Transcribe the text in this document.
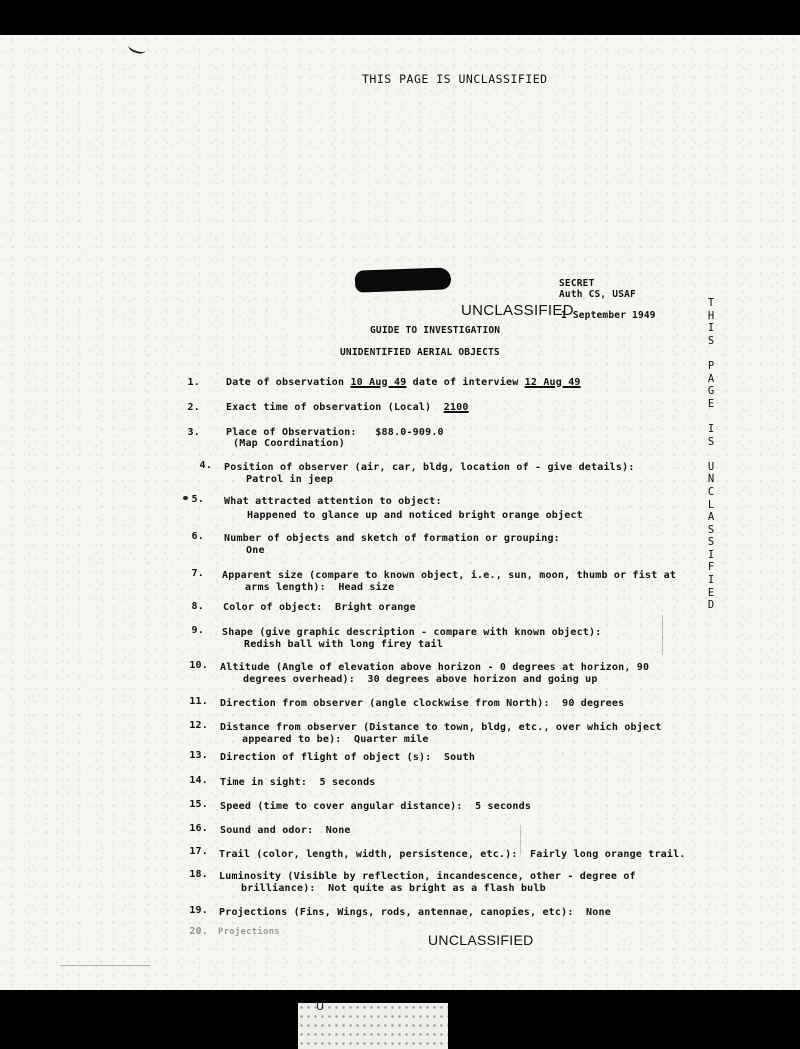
THIS PAGE IS UNCLASSIFIED
SECRET
Auth CS, USAF
UNCLASSIFIED
1 September 1949
GUIDE TO INVESTIGATION
UNIDENTIFIED AERIAL OBJECTS
T
H
I
S
P
A
G
E
I
S
U
N
C
L
A
S
S
I
F
I
E
D
1.	Date of observation 10 Aug 49 date of interview 12 Aug 49
2.	Exact time of observation (Local) 2100
3.	Place of Observation: $88.0-909.0
(Map Coordination)
4. Position of observer (air, car, bldg, location of - give details):
Patrol in jeep
5. What attracted attention to object:
Happened to glance up and noticed bright orange object
6. Number of objects and sketch of formation or grouping:
One
7. Apparent size (compare to known object, i.e., sun, moon, thumb or fist at
arms length): Head size
8. Color of object: Bright orange
9. Shape (give graphic description - compare with known object):
Redish ball with long firey tail
10. Altitude (Angle of elevation above horizon - 0 degrees at horizon, 90
degrees overhead): 30 degrees above horizon and going up
11. Direction from observer (angle clockwise from North): 90 degrees
12. Distance from observer (Distance to town, bldg, etc., over which object
appeared to be): Quarter mile
13. Direction of flight of object (s): South
14. Time in sight: 5 seconds
15. Speed (time to cover angular distance): 5 seconds
16. Sound and odor: None
17. Trail (color, length, width, persistence, etc.): Fairly long orange trail.
18. Luminosity (Visible by reflection, incandescence, other - degree of
brilliance): Not quite as bright as a flash bulb
19. Projections (Fins, Wings, rods, antennae, canopies, etc): None
20. Projections	UNCLASSIFIED
U
